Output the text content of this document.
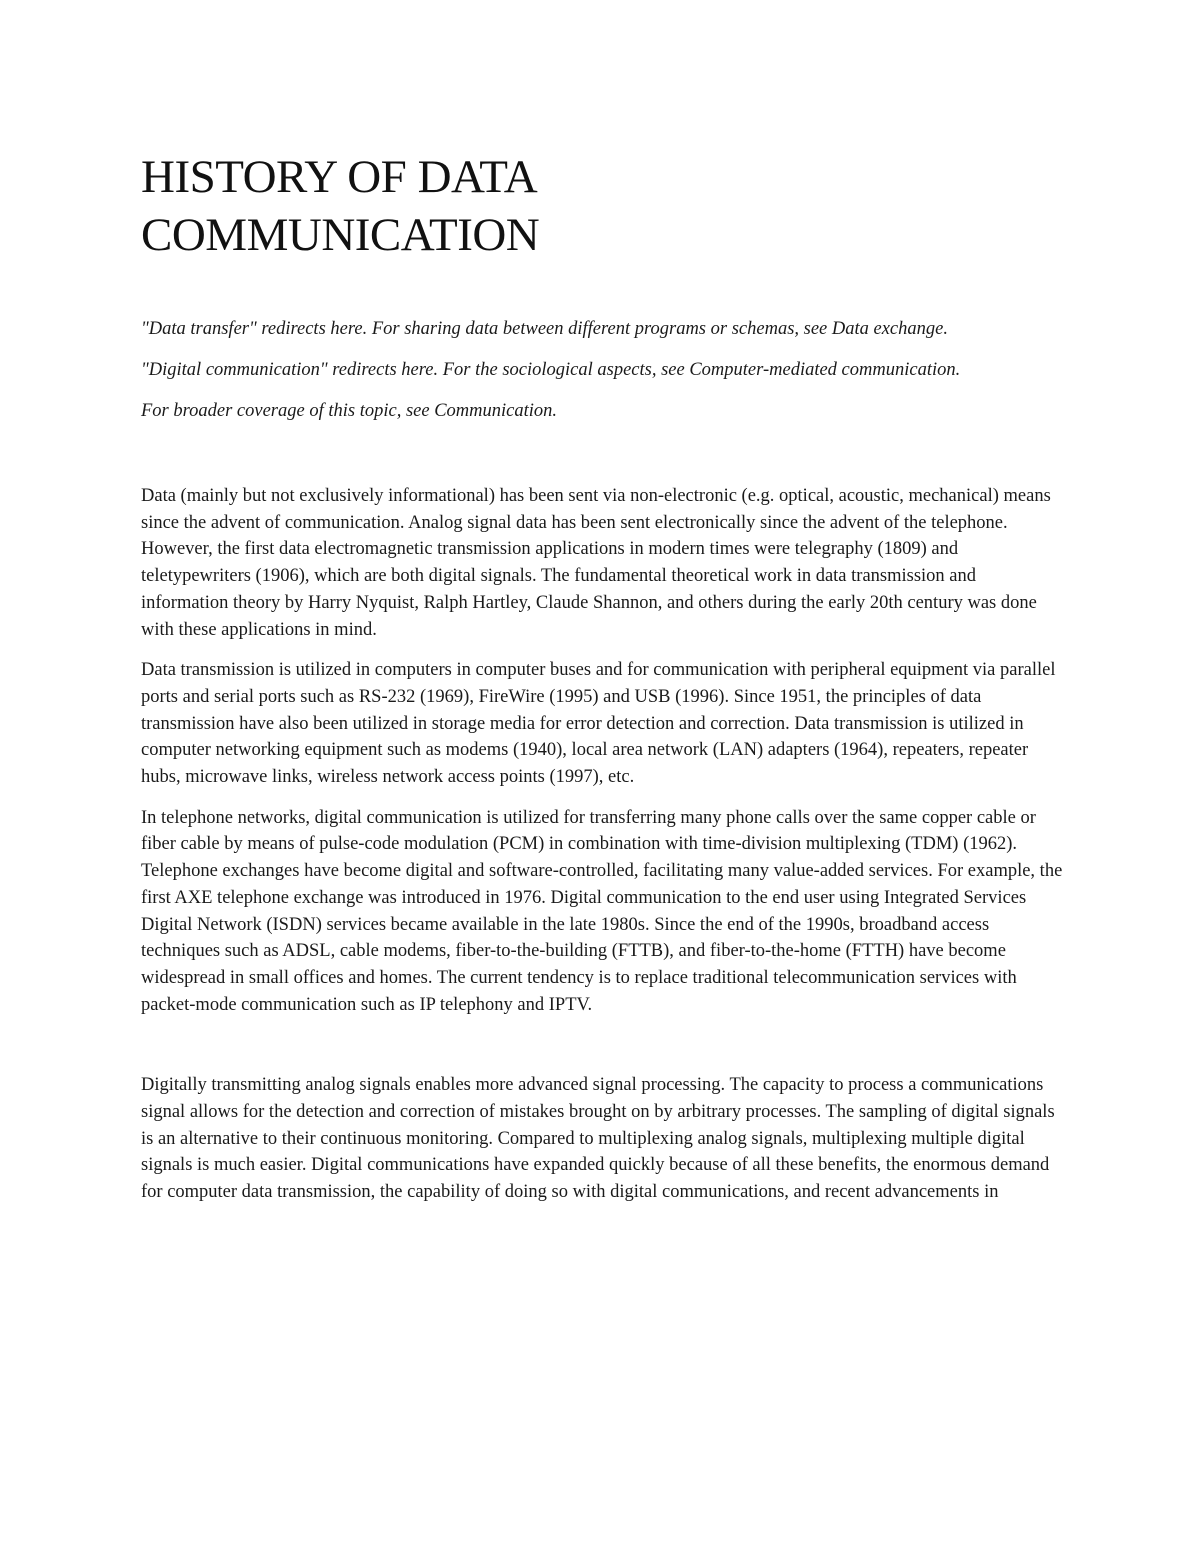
HISTORY OF DATA COMMUNICATION

"Data transfer" redirects here. For sharing data between different programs or schemas, see Data exchange.

"Digital communication" redirects here. For the sociological aspects, see Computer-mediated communication.

For broader coverage of this topic, see Communication.

Data (mainly but not exclusively informational) has been sent via non-electronic (e.g. optical, acoustic, mechanical) means since the advent of communication. Analog signal data has been sent electronically since the advent of the telephone. However, the first data electromagnetic transmission applications in modern times were telegraphy (1809) and teletypewriters (1906), which are both digital signals. The fundamental theoretical work in data transmission and information theory by Harry Nyquist, Ralph Hartley, Claude Shannon, and others during the early 20th century was done with these applications in mind.

Data transmission is utilized in computers in computer buses and for communication with peripheral equipment via parallel ports and serial ports such as RS-232 (1969), FireWire (1995) and USB (1996). Since 1951, the principles of data transmission have also been utilized in storage media for error detection and correction. Data transmission is utilized in computer networking equipment such as modems (1940), local area network (LAN) adapters (1964), repeaters, repeater hubs, microwave links, wireless network access points (1997), etc.

In telephone networks, digital communication is utilized for transferring many phone calls over the same copper cable or fiber cable by means of pulse-code modulation (PCM) in combination with time-division multiplexing (TDM) (1962). Telephone exchanges have become digital and software-controlled, facilitating many value-added services. For example, the first AXE telephone exchange was introduced in 1976. Digital communication to the end user using Integrated Services Digital Network (ISDN) services became available in the late 1980s. Since the end of the 1990s, broadband access techniques such as ADSL, cable modems, fiber-to-the-building (FTTB), and fiber-to-the-home (FTTH) have become widespread in small offices and homes. The current tendency is to replace traditional telecommunication services with packet-mode communication such as IP telephony and IPTV.

Digitally transmitting analog signals enables more advanced signal processing. The capacity to process a communications signal allows for the detection and correction of mistakes brought on by arbitrary processes. The sampling of digital signals is an alternative to their continuous monitoring. Compared to multiplexing analog signals, multiplexing multiple digital signals is much easier. Digital communications have expanded quickly because of all these benefits, the enormous demand for computer data transmission, the capability of doing so with digital communications, and recent advancements in
